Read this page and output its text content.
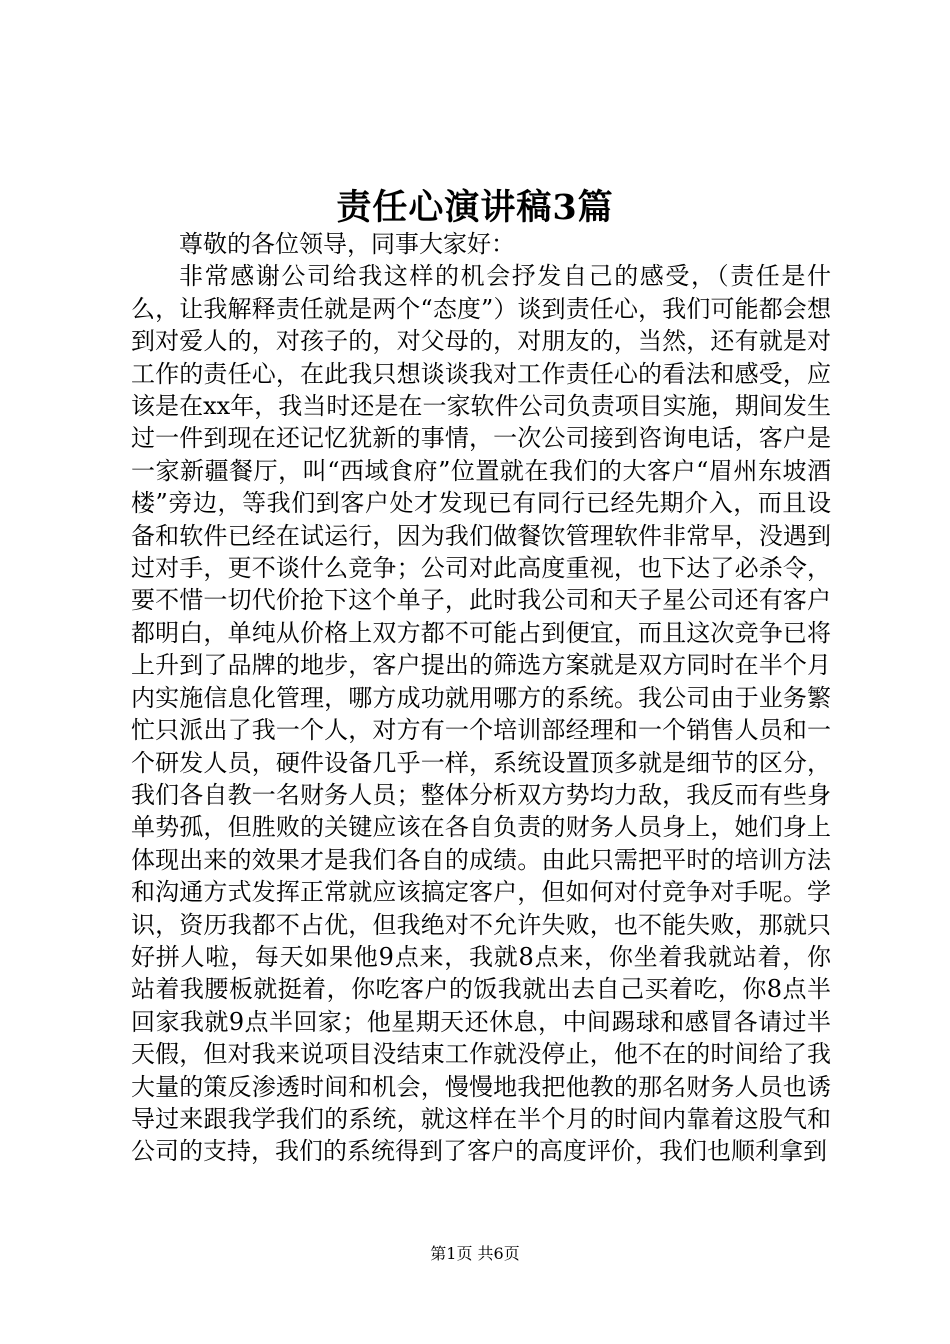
责任心演讲稿3篇

尊敬的各位领导，同事大家好：

非常感谢公司给我这样的机会抒发自己的感受，（责任是什么，让我解释责任就是两个“态度”）谈到责任心，我们可能都会想到对爱人的，对孩子的，对父母的，对朋友的，当然，还有就是对工作的责任心，在此我只想谈谈我对工作责任心的看法和感受，应该是在xx年，我当时还是在一家软件公司负责项目实施，期间发生过一件到现在还记忆犹新的事情，一次公司接到咨询电话，客户是一家新疆餐厅，叫“西域食府”位置就在我们的大客户“眉州东坡酒楼”旁边，等我们到客户处才发现已有同行已经先期介入，而且设备和软件已经在试运行，因为我们做餐饮管理软件非常早，没遇到过对手，更不谈什么竞争；公司对此高度重视，也下达了必杀令，要不惜一切代价抢下这个单子，此时我公司和天子星公司还有客户都明白，单纯从价格上双方都不可能占到便宜，而且这次竞争已将上升到了品牌的地步，客户提出的筛选方案就是双方同时在半个月内实施信息化管理，哪方成功就用哪方的系统。我公司由于业务繁忙只派出了我一个人，对方有一个培训部经理和一个销售人员和一个研发人员，硬件设备几乎一样，系统设置顶多就是细节的区分，我们各自教一名财务人员；整体分析双方势均力敌，我反而有些身单势孤，但胜败的关键应该在各自负责的财务人员身上，她们身上体现出来的效果才是我们各自的成绩。由此只需把平时的培训方法和沟通方式发挥正常就应该搞定客户，但如何对付竞争对手呢。学识，资历我都不占优，但我绝对不允许失败，也不能失败，那就只好拼人啦，每天如果他9点来，我就8点来，你坐着我就站着，你站着我腰板就挺着，你吃客户的饭我就出去自己买着吃，你8点半回家我就9点半回家；他星期天还休息，中间踢球和感冒各请过半天假，但对我来说项目没结束工作就没停止，他不在的时间给了我大量的策反渗透时间和机会，慢慢地我把他教的那名财务人员也诱导过来跟我学我们的系统，就这样在半个月的时间内靠着这股气和公司的支持，我们的系统得到了客户的高度评价，我们也顺利拿到

第1页 共6页
